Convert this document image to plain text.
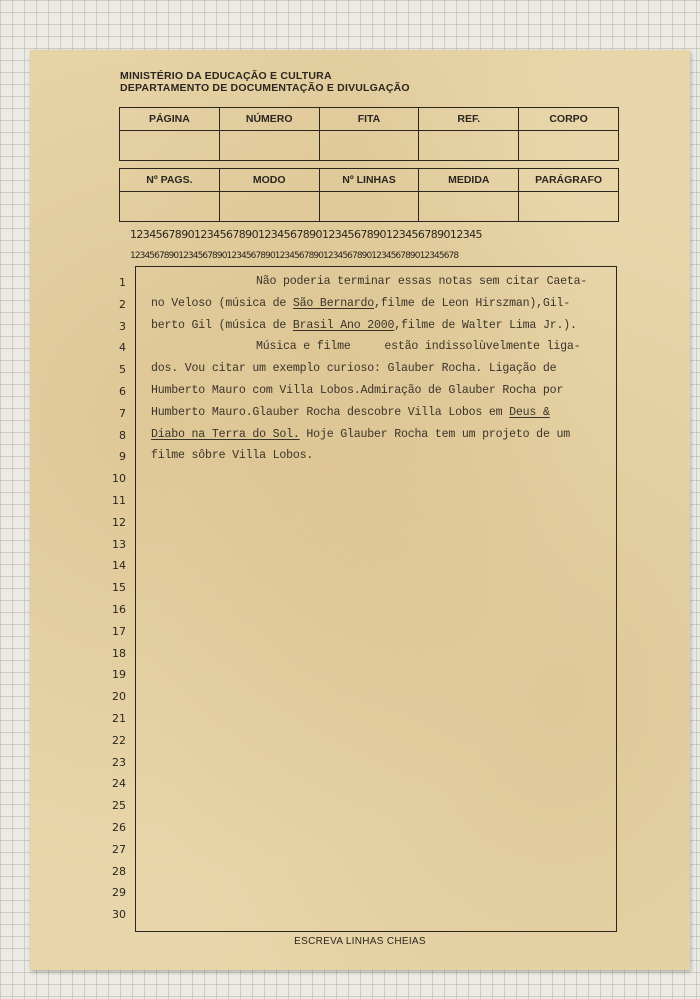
MINISTÉRIO DA EDUCAÇÃO E CULTURA
DEPARTAMENTO DE DOCUMENTAÇÃO E DIVULGAÇÃO
PÁGINA	NÚMERO	FITA	REF.	CORPO
Nº PAGS.	MODO	Nº LINHAS	MEDIDA	PARÁGRAFO
1234567890123456789012345678901234567890123456789012345
12345678901234567890123456789012345678901234567890123456789012345678
1
2
3
4
5
6
7
8
9
10
11
12
13
14
15
16
17
18
19
20
21
22
23
24
25
26
27
28
29
30
Não poderia terminar essas notas sem citar Caeta-
no Veloso (música de São Bernardo,filme de Leon Hirszman),Gil-
berto Gil (música de Brasil Ano 2000,filme de Walter Lima Jr.).
Música e filme     estão indissolùvelmente liga-
dos. Vou citar um exemplo curioso: Glauber Rocha. Ligação de
Humberto Mauro com Villa Lobos.Admiração de Glauber Rocha por
Humberto Mauro.Glauber Rocha descobre Villa Lobos em Deus &
Diabo na Terra do Sol. Hoje Glauber Rocha tem um projeto de um
filme sôbre Villa Lobos.
ESCREVA LINHAS CHEIAS
